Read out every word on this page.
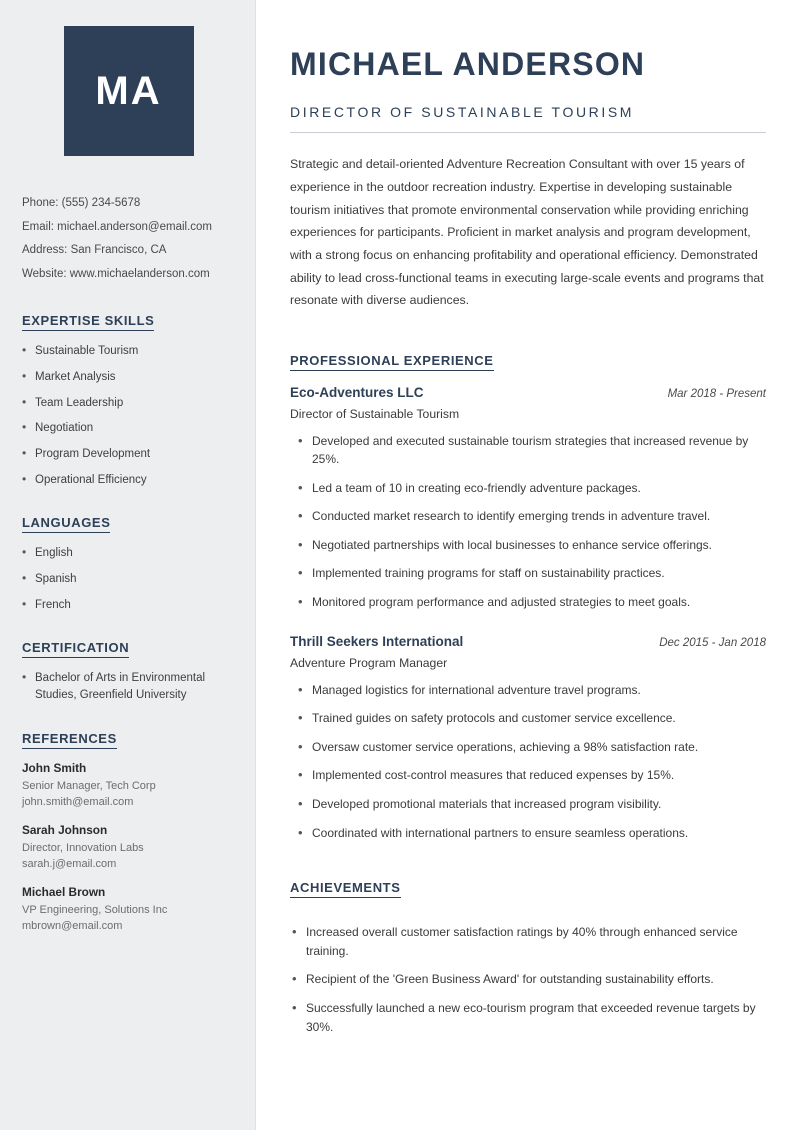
MA
Phone: (555) 234-5678
Email: michael.anderson@email.com
Address: San Francisco, CA
Website: www.michaelanderson.com
EXPERTISE SKILLS
• Sustainable Tourism
• Market Analysis
• Team Leadership
• Negotiation
• Program Development
• Operational Efficiency
LANGUAGES
• English
• Spanish
• French
CERTIFICATION
• Bachelor of Arts in Environmental Studies, Greenfield University
REFERENCES
John Smith
Senior Manager, Tech Corp
john.smith@email.com
Sarah Johnson
Director, Innovation Labs
sarah.j@email.com
Michael Brown
VP Engineering, Solutions Inc
mbrown@email.com
MICHAEL ANDERSON
DIRECTOR OF SUSTAINABLE TOURISM

Strategic and detail-oriented Adventure Recreation Consultant with over 15 years of experience in the outdoor recreation industry. Expertise in developing sustainable tourism initiatives that promote environmental conservation while providing enriching experiences for participants. Proficient in market analysis and program development, with a strong focus on enhancing profitability and operational efficiency. Demonstrated ability to lead cross-functional teams in executing large-scale events and programs that resonate with diverse audiences.

PROFESSIONAL EXPERIENCE
Eco-Adventures LLC	Mar 2018 - Present
Director of Sustainable Tourism
• Developed and executed sustainable tourism strategies that increased revenue by 25%.
• Led a team of 10 in creating eco-friendly adventure packages.
• Conducted market research to identify emerging trends in adventure travel.
• Negotiated partnerships with local businesses to enhance service offerings.
• Implemented training programs for staff on sustainability practices.
• Monitored program performance and adjusted strategies to meet goals.
Thrill Seekers International	Dec 2015 - Jan 2018
Adventure Program Manager
• Managed logistics for international adventure travel programs.
• Trained guides on safety protocols and customer service excellence.
• Oversaw customer service operations, achieving a 98% satisfaction rate.
• Implemented cost-control measures that reduced expenses by 15%.
• Developed promotional materials that increased program visibility.
• Coordinated with international partners to ensure seamless operations.
ACHIEVEMENTS
• Increased overall customer satisfaction ratings by 40% through enhanced service training.
• Recipient of the 'Green Business Award' for outstanding sustainability efforts.
• Successfully launched a new eco-tourism program that exceeded revenue targets by 30%.
